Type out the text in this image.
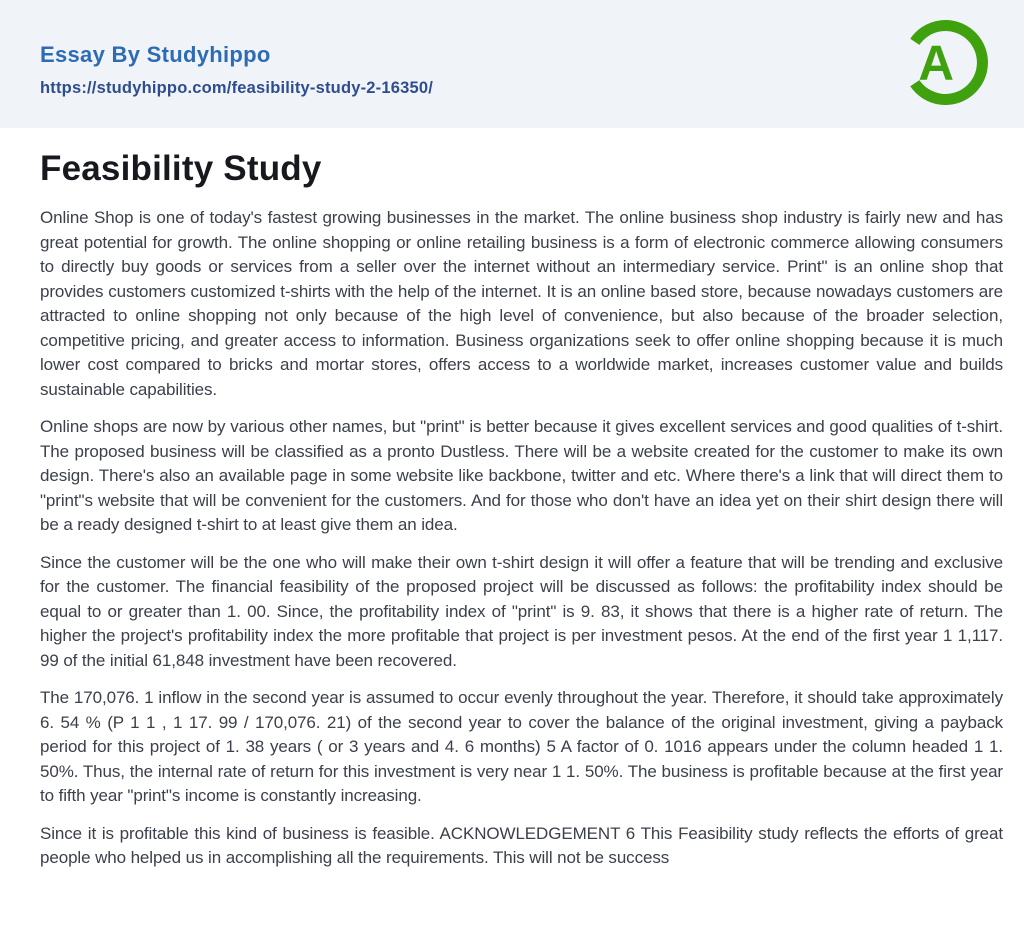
Essay By Studyhippo
https://studyhippo.com/feasibility-study-2-16350/	A
Feasibility Study

Online Shop is one of today's fastest growing businesses in the market. The online business shop industry is fairly new and has great potential for growth. The online shopping or online retailing business is a form of electronic commerce allowing consumers to directly buy goods or services from a seller over the internet without an intermediary service. Print" is an online shop that provides customers customized t-shirts with the help of the internet. It is an online based store, because nowadays customers are attracted to online shopping not only because of the high level of convenience, but also because of the broader selection, competitive pricing, and greater access to information. Business organizations seek to offer online shopping because it is much lower cost compared to bricks and mortar stores, offers access to a worldwide market, increases customer value and builds sustainable capabilities.

Online shops are now by various other names, but "print" is better because it gives excellent services and good qualities of t-shirt. The proposed business will be classified as a pronto Dustless. There will be a website created for the customer to make its own design. There's also an available page in some website like backbone, twitter and etc. Where there's a link that will direct them to "print"s website that will be convenient for the customers. And for those who don't have an idea yet on their shirt design there will be a ready designed t-shirt to at least give them an idea.

Since the customer will be the one who will make their own t-shirt design it will offer a feature that will be trending and exclusive for the customer. The financial feasibility of the proposed project will be discussed as follows: the profitability index should be equal to or greater than 1. 00. Since, the profitability index of "print" is 9. 83, it shows that there is a higher rate of return. The higher the project's profitability index the more profitable that project is per investment pesos. At the end of the first year 1 1,117. 99 of the initial 61,848 investment have been recovered.

The 170,076. 1 inflow in the second year is assumed to occur evenly throughout the year. Therefore, it should take approximately 6. 54 % (P 1 1 , 1 17. 99 / 170,076. 21) of the second year to cover the balance of the original investment, giving a payback period for this project of 1. 38 years ( or 3 years and 4. 6 months) 5 A factor of 0. 1016 appears under the column headed 1 1. 50%. Thus, the internal rate of return for this investment is very near 1 1. 50%. The business is profitable because at the first year to fifth year "print"s income is constantly increasing.

Since it is profitable this kind of business is feasible. ACKNOWLEDGEMENT 6 This Feasibility study reflects the efforts of great people who helped us in accomplishing all the requirements. This will not be success
